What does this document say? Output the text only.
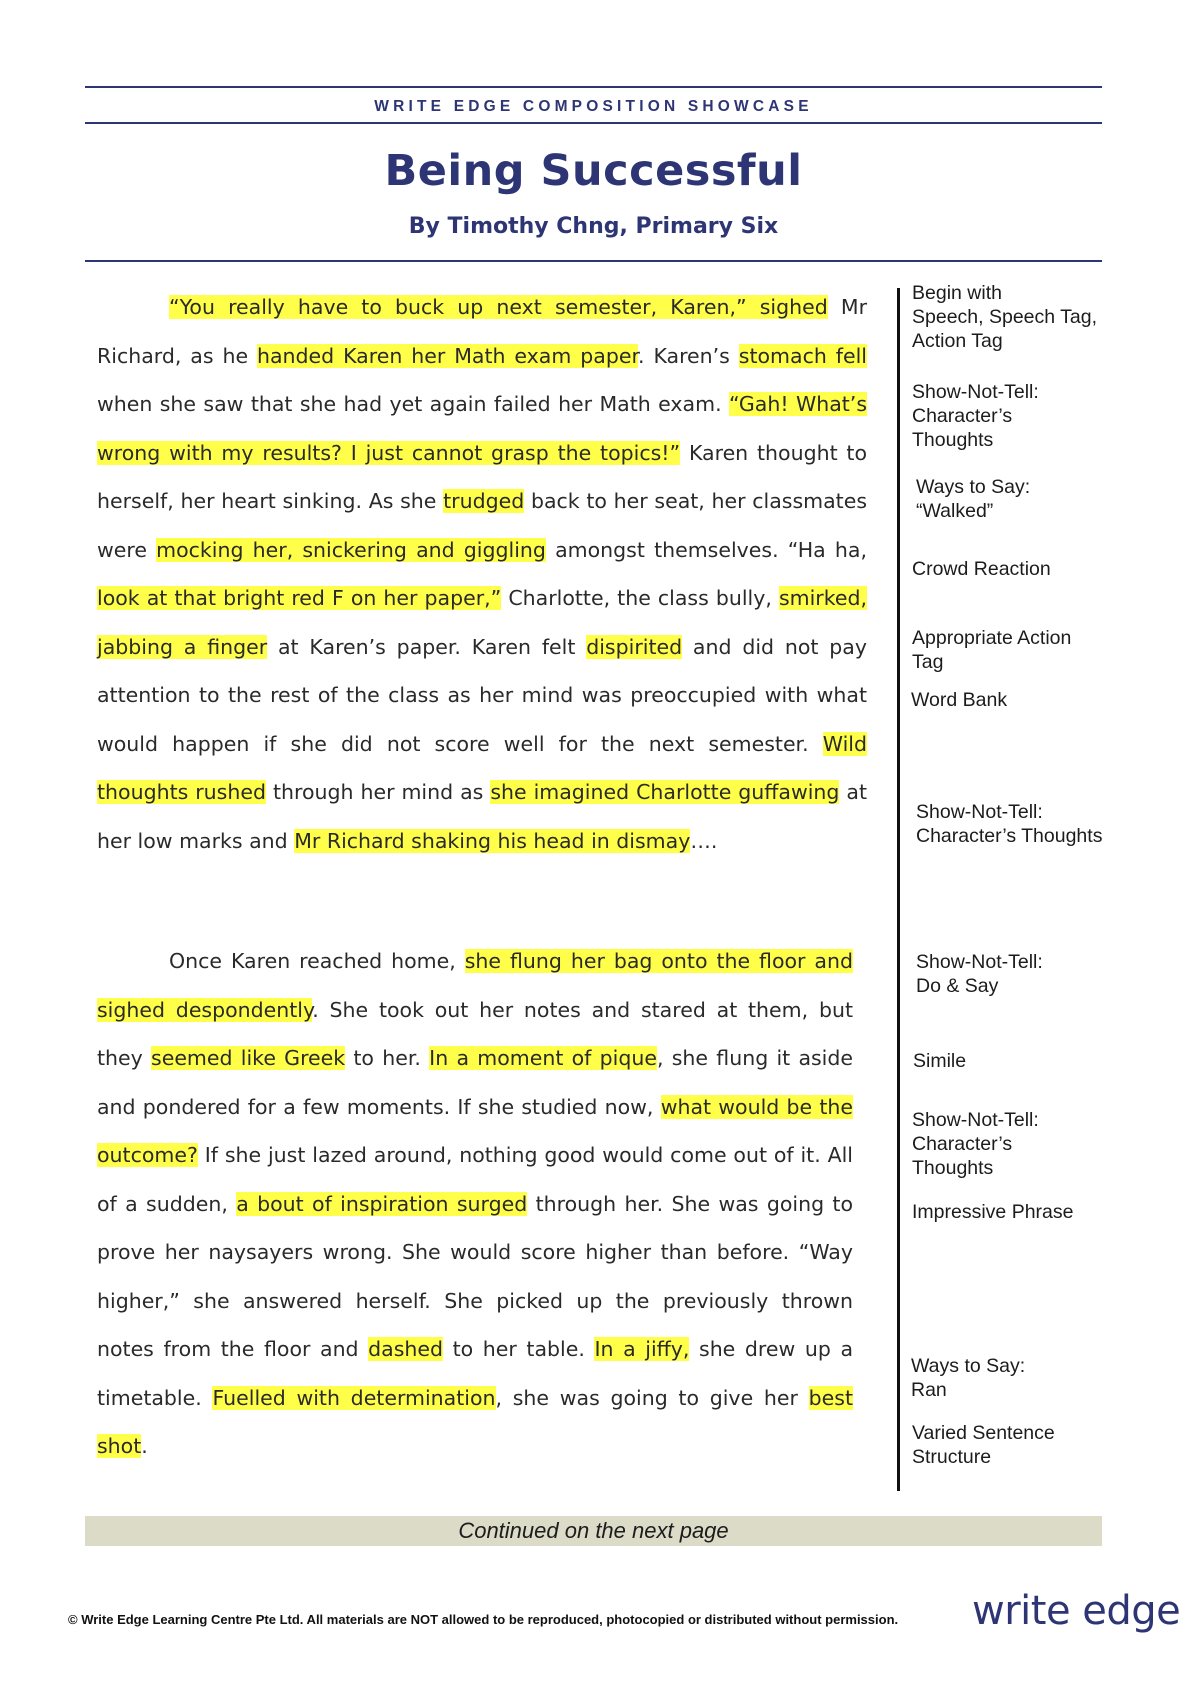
WRITE EDGE COMPOSITION SHOWCASE
Being Successful
By Timothy Chng, Primary Six

“You really have to buck up next semester, Karen,” sighed Mr Richard, as he handed Karen her Math exam paper. Karen’s stomach fell when she saw that she had yet again failed her Math exam. “Gah! What’s wrong with my results? I just cannot grasp the topics!” Karen thought to herself, her heart sinking. As she trudged back to her seat, her classmates were mocking her, snickering and giggling amongst themselves. “Ha ha, look at that bright red F on her paper,” Charlotte, the class bully, smirked, jabbing a finger at Karen’s paper. Karen felt dispirited and did not pay attention to the rest of the class as her mind was preoccupied with what would happen if she did not score well for the next semester. Wild thoughts rushed through her mind as she imagined Charlotte guffawing at her low marks and Mr Richard shaking his head in dismay….

Once Karen reached home, she flung her bag onto the floor and sighed despondently. She took out her notes and stared at them, but they seemed like Greek to her. In a moment of pique, she flung it aside and pondered for a few moments. If she studied now, what would be the outcome? If she just lazed around, nothing good would come out of it. All of a sudden, a bout of inspiration surged through her. She was going to prove her naysayers wrong. She would score higher than before. “Way higher,” she answered herself. She picked up the previously thrown notes from the floor and dashed to her table. In a jiffy, she drew up a timetable. Fuelled with determination, she was going to give her best shot.

Begin with
Speech, Speech Tag,
Action Tag
Show-Not-Tell:
Character’s
Thoughts
Ways to Say:
“Walked”
Crowd Reaction
Appropriate Action
Tag
Word Bank
Show-Not-Tell:
Character’s Thoughts
Show-Not-Tell:
Do & Say
Simile
Show-Not-Tell:
Character’s
Thoughts
Impressive Phrase
Ways to Say:
Ran
Varied Sentence
Structure
Continued on the next page
© Write Edge Learning Centre Pte Ltd. All materials are NOT allowed to be reproduced, photocopied or distributed without permission. write edge
